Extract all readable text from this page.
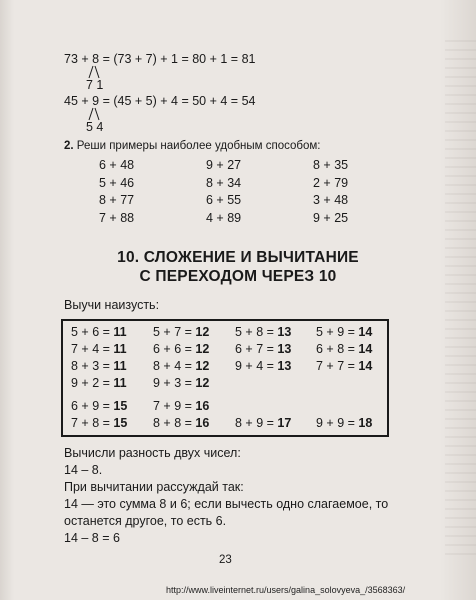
73 + 8 = (73 + 7) + 1 = 80 + 1 = 81
7 1
45 + 9 = (45 + 5) + 4 = 50 + 4 = 54
5 4
2. Реши примеры наиболее удобным способом:
6 + 48
5 + 46
8 + 77
7 + 88
9 + 27
8 + 34
6 + 55
4 + 89
8 + 35
2 + 79
3 + 48
9 + 25
10. СЛОЖЕНИЕ И ВЫЧИТАНИЕ
С ПЕРЕХОДОМ ЧЕРЕЗ 10
Выучи наизусть:
5 + 6 = 11 5 + 7 = 12 5 + 8 = 13 5 + 9 = 14
7 + 4 = 11 6 + 6 = 12 6 + 7 = 13 6 + 8 = 14
8 + 3 = 11 8 + 4 = 12 9 + 4 = 13 7 + 7 = 14
9 + 2 = 11 9 + 3 = 12
6 + 9 = 15 7 + 9 = 16
7 + 8 = 15 8 + 8 = 16 8 + 9 = 17 9 + 9 = 18
Вычисли разность двух чисел:
14 – 8.
При вычитании рассуждай так:
14 — это сумма 8 и 6; если вычесть одно слагаемое, то
останется другое, то есть 6.
14 – 8 = 6
23
http://www.liveinternet.ru/users/galina_solovyeva_/3568363/
